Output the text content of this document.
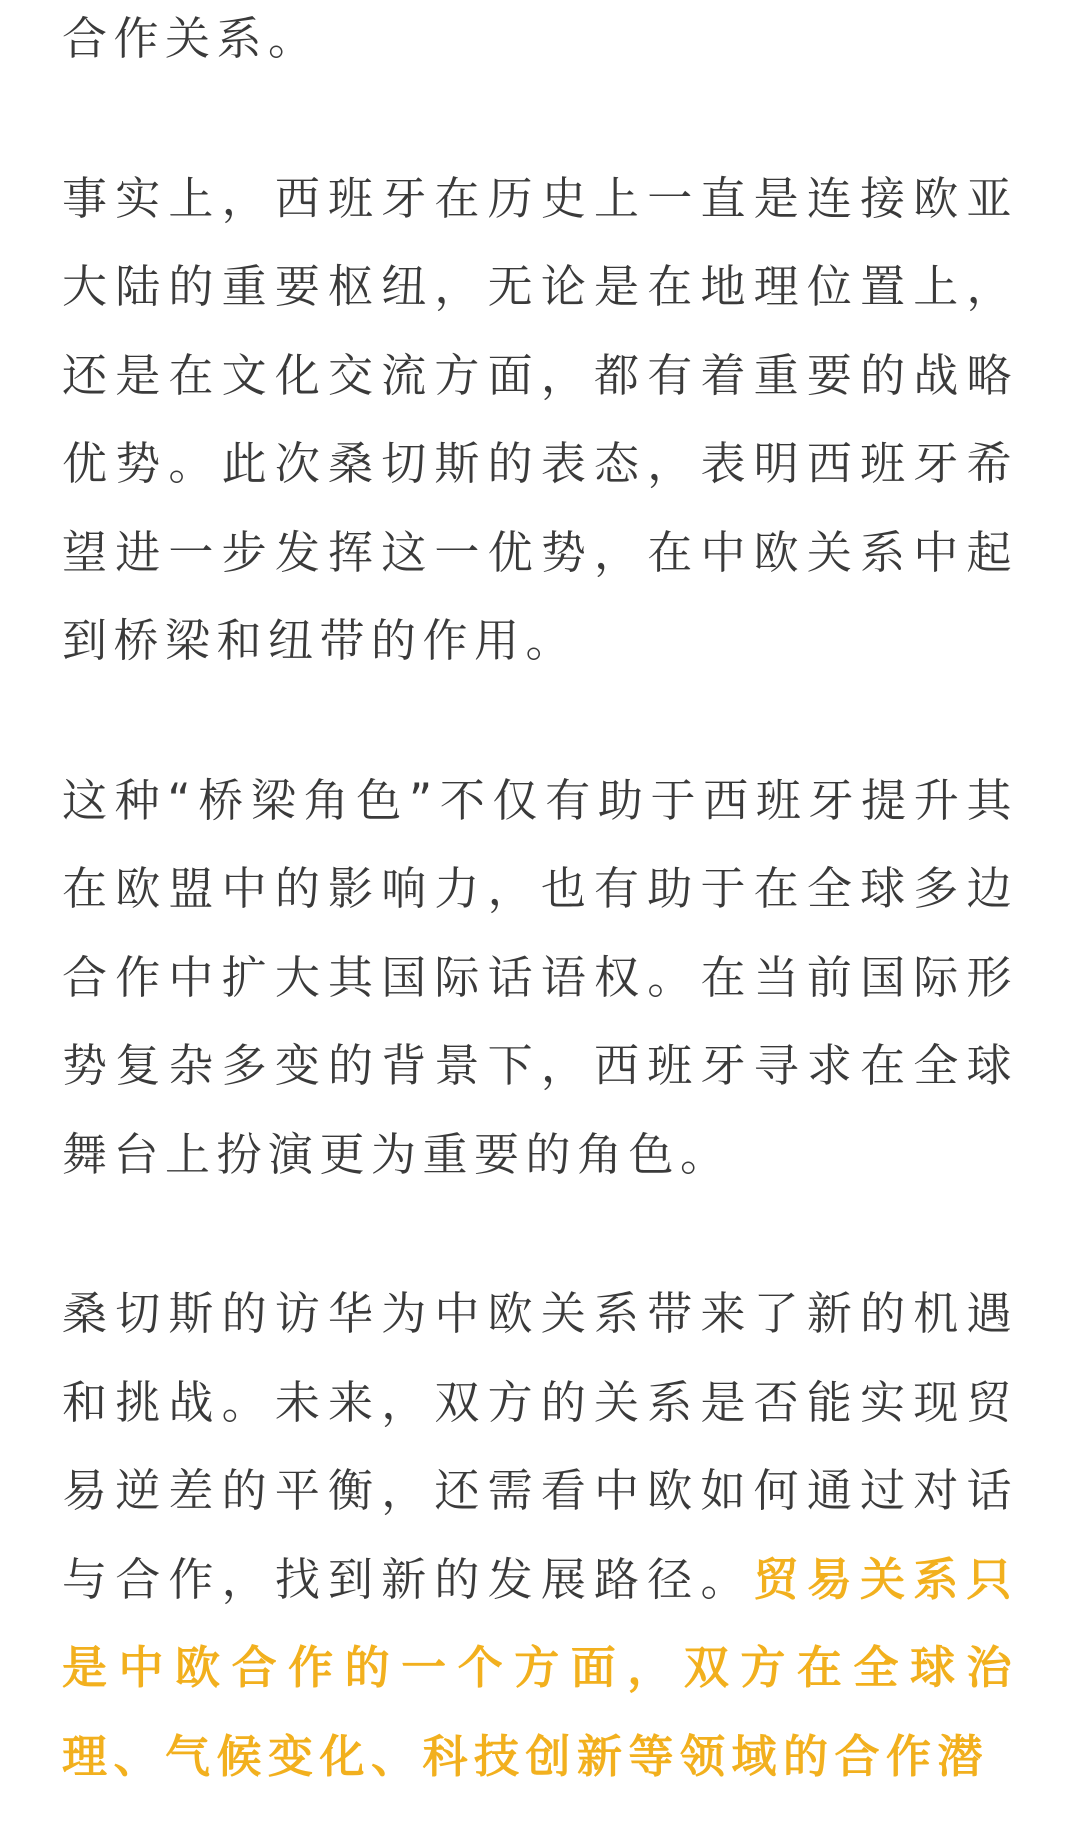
合作关系。

事实上，西班牙在历史上一直是连接欧亚大陆的重要枢纽，无论是在地理位置上，还是在文化交流方面，都有着重要的战略优势。此次桑切斯的表态，表明西班牙希望进一步发挥这一优势，在中欧关系中起到桥梁和纽带的作用。

这种“桥梁角色”不仅有助于西班牙提升其在欧盟中的影响力，也有助于在全球多边合作中扩大其国际话语权。在当前国际形势复杂多变的背景下，西班牙寻求在全球舞台上扮演更为重要的角色。

桑切斯的访华为中欧关系带来了新的机遇和挑战。未来，双方的关系是否能实现贸易逆差的平衡，还需看中欧如何通过对话与合作，找到新的发展路径。贸易关系只是中欧合作的一个方面，双方在全球治理、气候变化、科技创新等领域的合作潜
